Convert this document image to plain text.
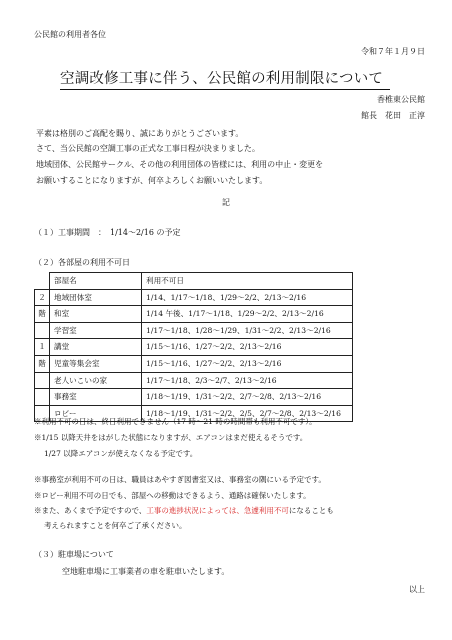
公民館の利用者各位
令和７年１月９日
空調改修工事に伴う、公民館の利用制限について
香椎東公民館
館長　花田　正淳
平素は格別のご高配を賜り、誠にありがとうございます。
さて、当公民館の空調工事の正式な工事日程が決まりました。
地域団体、公民館サークル、その他の利用団体の皆様には、利用の中止・変更を
お願いすることになりますが、何卒よろしくお願いいたします。
記
（１）工事期間　：　1/14～2/16 の予定
（２）各部屋の利用不可日
	部屋名	利用不可日
２	地域団体室	1/14、1/17～1/18、1/29～2/2、2/13～2/16
階	和室	1/14 午後、1/17～1/18、1/29～2/2、2/13～2/16
	学習室	1/17～1/18、1/28～1/29、1/31～2/2、2/13～2/16
１	講堂	1/15～1/16、1/27～2/2、2/13～2/16
階	児童等集会室	1/15～1/16、1/27～2/2、2/13～2/16
	老人いこいの家	1/17～1/18、2/3～2/7、2/13～2/16
	事務室	1/18～1/19、1/31～2/2、2/7～2/8、2/13～2/16
	ロビー	1/18～1/19、1/31～2/2、2/5、2/7～2/8、2/13～2/16
※利用不可の日は、終日利用できません（17 時～21 時の時間帯も利用不可です）。
※1/15 以降天井をはがした状態になりますが、エアコンはまだ使えるそうです。
1/27 以降エアコンが使えなくなる予定です。
※事務室が利用不可の日は、職員はあやすぎ図書室又は、事務室の隅にいる予定です。
※ロビー利用不可の日でも、部屋への移動はできるよう、通路は確保いたします。
※また、あくまで予定ですので、工事の進捗状況によっては、急遽利用不可になることも
考えられますことを何卒ご了承ください。
（３）駐車場について
空地駐車場に工事業者の車を駐車いたします。
以上
